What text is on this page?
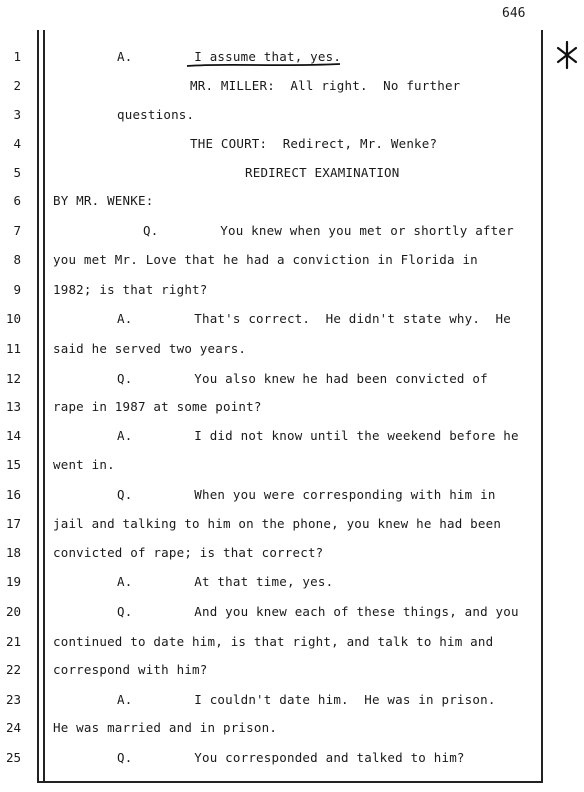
646
1
2
3
4
5
6
7
8
9
10
11
12
13
14
15
16
17
18
19
20
21
22
23
24
25
A.        I assume that, yes.
MR. MILLER:  All right.  No further
questions.
THE COURT:  Redirect, Mr. Wenke?
REDIRECT EXAMINATION
BY MR. WENKE:
Q.        You knew when you met or shortly after
you met Mr. Love that he had a conviction in Florida in
1982; is that right?
A.        That's correct.  He didn't state why.  He
said he served two years.
Q.        You also knew he had been convicted of
rape in 1987 at some point?
A.        I did not know until the weekend before he
went in.
Q.        When you were corresponding with him in
jail and talking to him on the phone, you knew he had been
convicted of rape; is that correct?
A.        At that time, yes.
Q.        And you knew each of these things, and you
continued to date him, is that right, and talk to him and
correspond with him?
A.        I couldn't date him.  He was in prison.
He was married and in prison.
Q.        You corresponded and talked to him?
